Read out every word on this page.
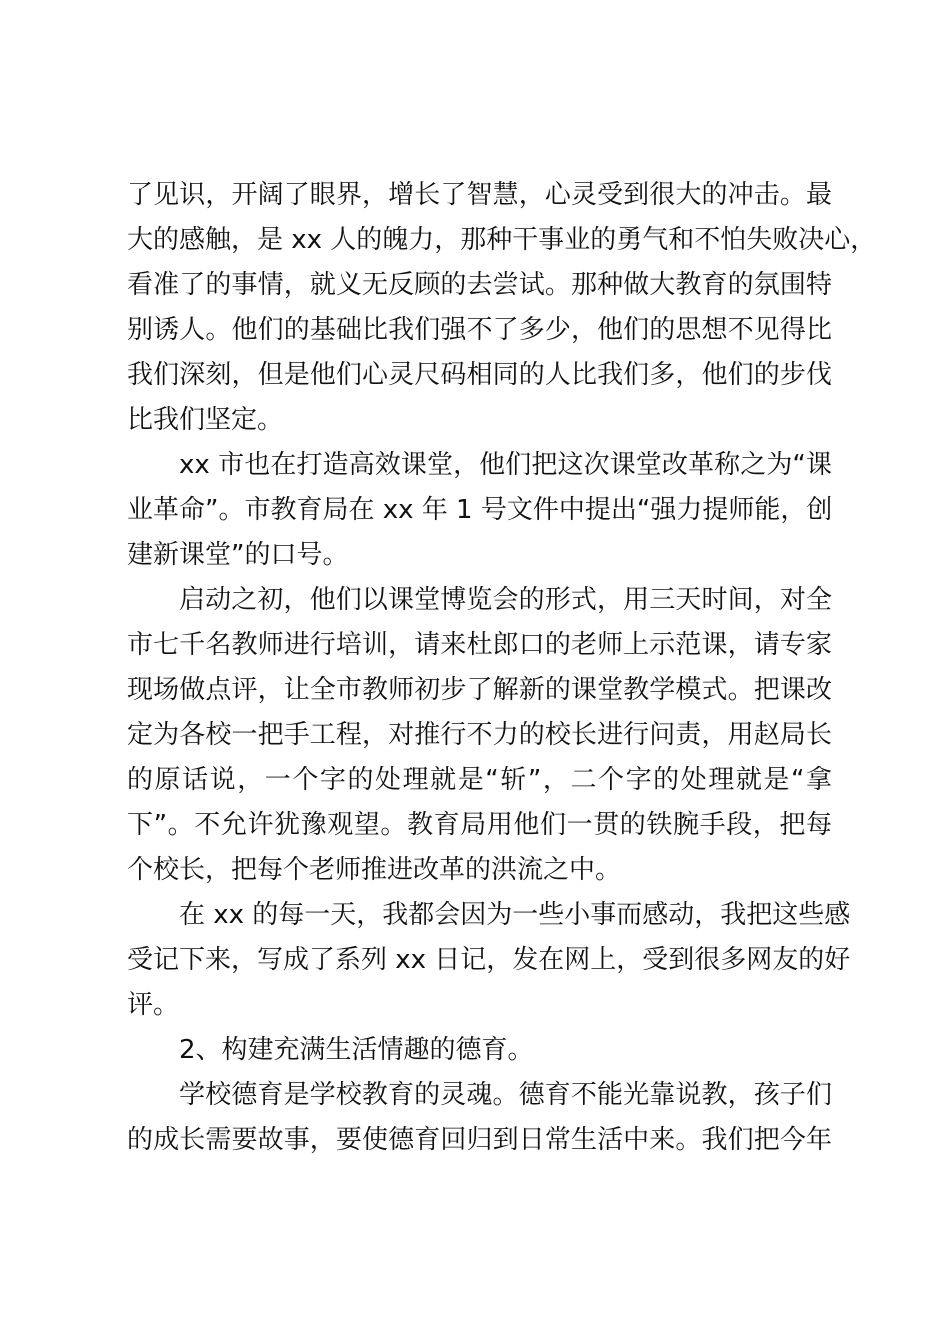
了见识，开阔了眼界，增长了智慧，心灵受到很大的冲击。最
大的感触，是 xx 人的魄力，那种干事业的勇气和不怕失败决心，
看准了的事情，就义无反顾的去尝试。那种做大教育的氛围特
别诱人。他们的基础比我们强不了多少，他们的思想不见得比
我们深刻，但是他们心灵尺码相同的人比我们多，他们的步伐
比我们坚定。
xx 市也在打造高效课堂，他们把这次课堂改革称之为“课
业革命”。市教育局在 xx 年 1 号文件中提出“强力提师能，创
建新课堂”的口号。
启动之初，他们以课堂博览会的形式，用三天时间，对全
市七千名教师进行培训，请来杜郎口的老师上示范课，请专家
现场做点评，让全市教师初步了解新的课堂教学模式。把课改
定为各校一把手工程，对推行不力的校长进行问责，用赵局长
的原话说，一个字的处理就是“斩”，二个字的处理就是“拿
下”。不允许犹豫观望。教育局用他们一贯的铁腕手段，把每
个校长，把每个老师推进改革的洪流之中。
在 xx 的每一天，我都会因为一些小事而感动，我把这些感
受记下来，写成了系列 xx 日记，发在网上，受到很多网友的好
评。
2、构建充满生活情趣的德育。
学校德育是学校教育的灵魂。德育不能光靠说教，孩子们
的成长需要故事，要使德育回归到日常生活中来。我们把今年
